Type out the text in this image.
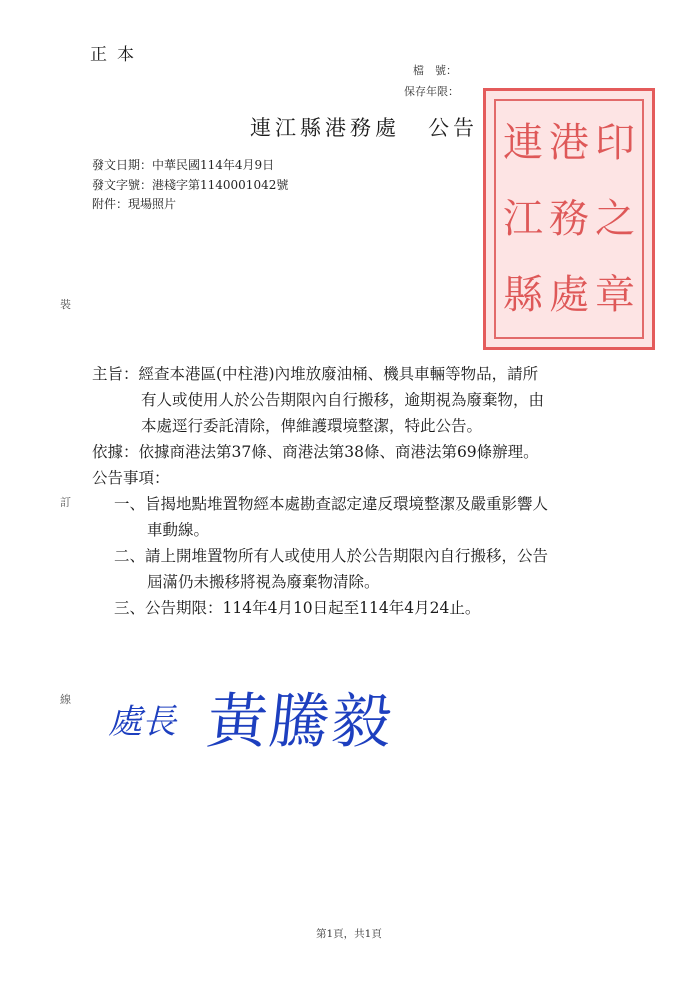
正本
檔　號：
保存年限：
連江縣港務處 公告
發文日期：中華民國114年4月9日
發文字號：港棧字第1140001042號
附件：現場照片
連 港 印
江 務 之
縣 處 章
裝
訂
線
主旨：經查本港區(中柱港)內堆放廢油桶、機具車輛等物品，請所
有人或使用人於公告期限內自行搬移，逾期視為廢棄物，由
本處逕行委託清除，俾維護環境整潔，特此公告。
依據：依據商港法第37條、商港法第38條、商港法第69條辦理。
公告事項：
一、旨揭地點堆置物經本處勘查認定違反環境整潔及嚴重影響人
車動線。
二、請上開堆置物所有人或使用人於公告期限內自行搬移，公告
屆滿仍未搬移將視為廢棄物清除。
三、公告期限：114年4月10日起至114年4月24止。
處長 黃騰毅
第1頁，共1頁
